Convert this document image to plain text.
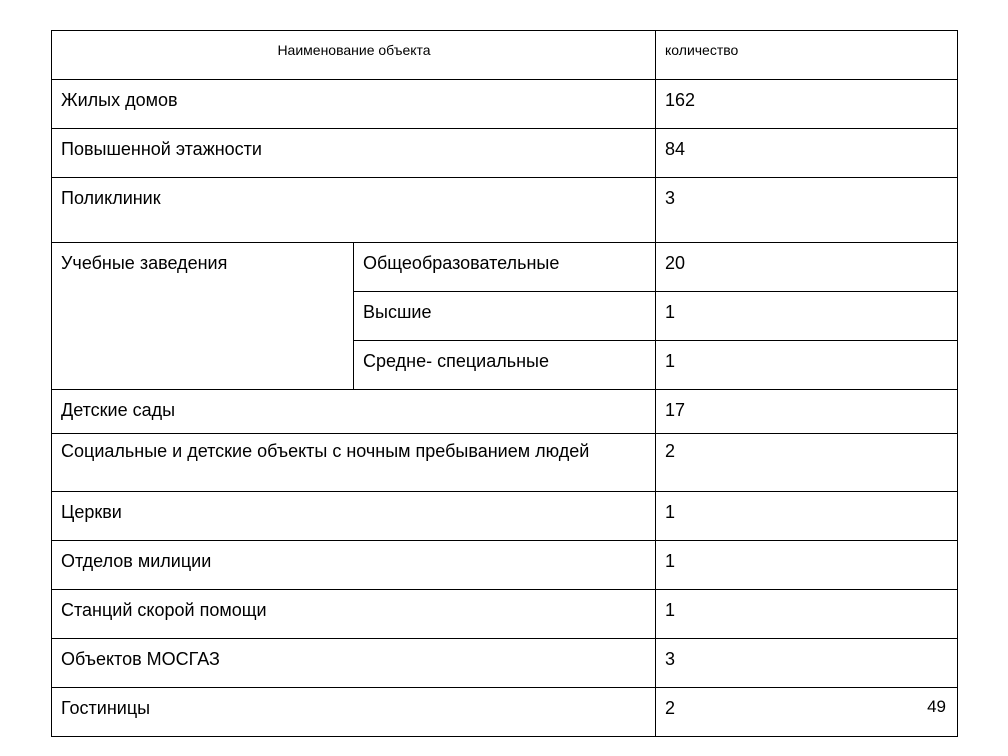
Наименование объекта		количество
Жилых домов		162
Повышенной этажности		84
Поликлиник		3
Учебные заведения	Общеобразовательные	20
	Высшие	1
	Средне- специальные	1
Детские сады		17
Социальные и детские объекты с ночным пребыванием людей		2
Церкви		1
Отделов милиции		1
Станций скорой помощи		1
Объектов МОСГАЗ		3
Гостиницы		2	49
